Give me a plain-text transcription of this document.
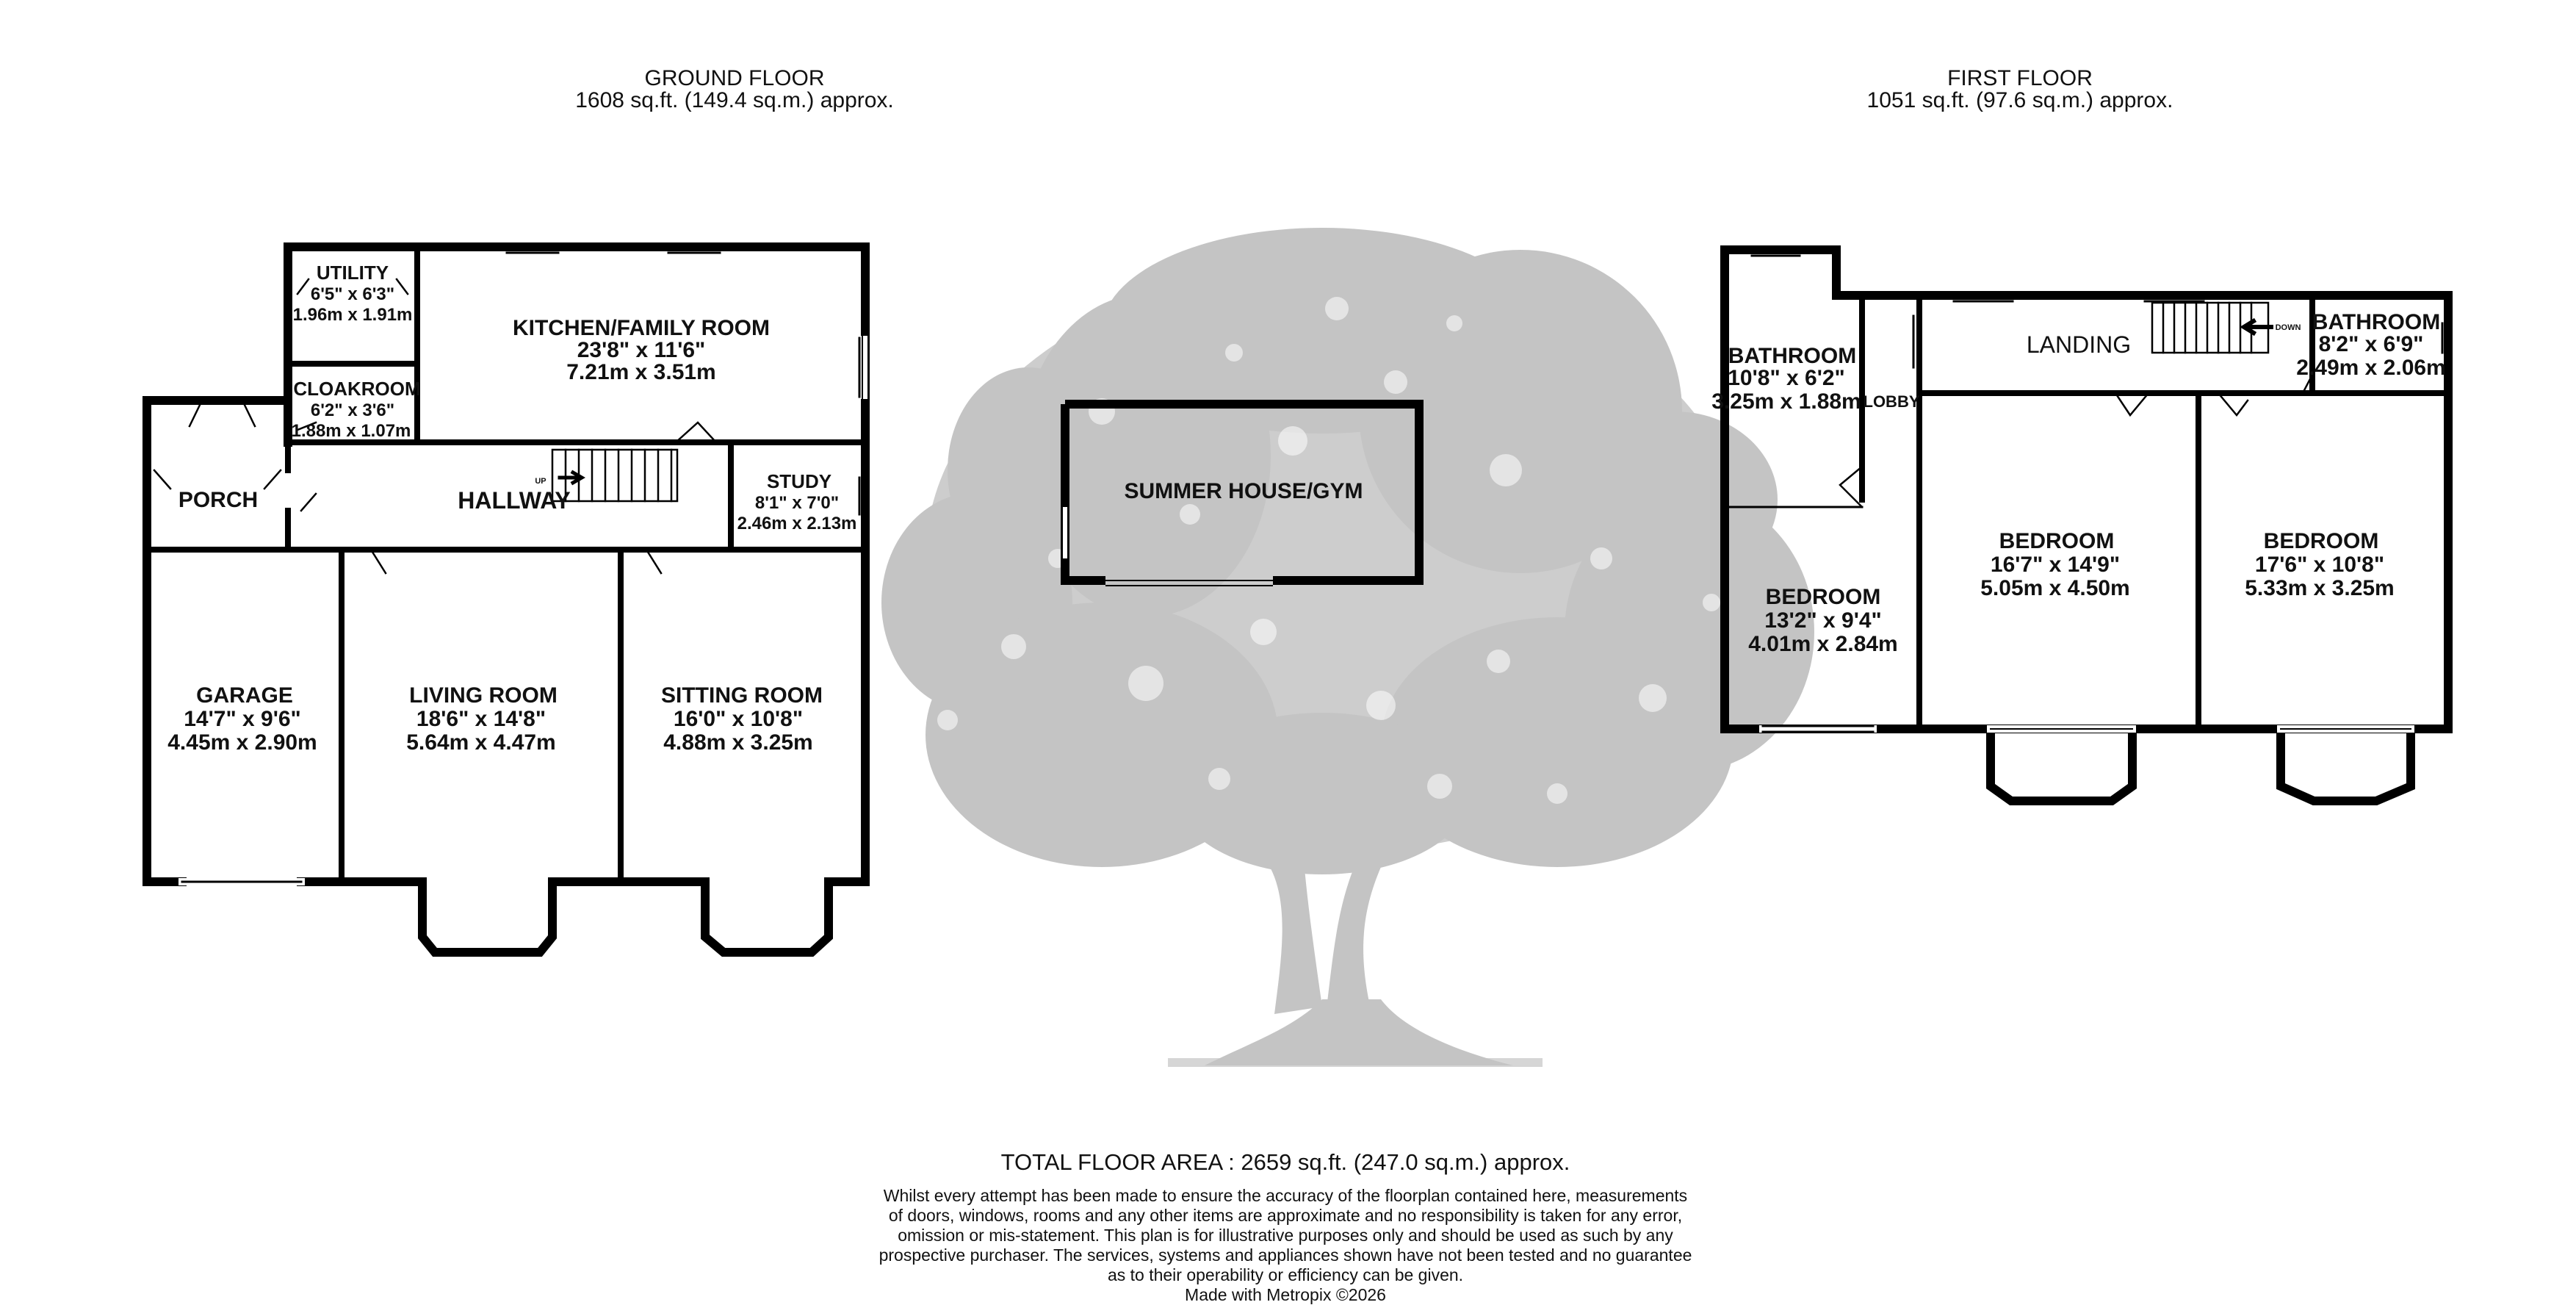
GROUND FLOOR
1608 sq.ft. (149.4 sq.m.) approx.
FIRST FLOOR
1051 sq.ft. (97.6 sq.m.) approx.
UTILITY
6'5" x 6'3"
1.96m x 1.91m
KITCHEN/FAMILY ROOM
23'8" x 11'6"
7.21m x 3.51m
CLOAKROOM
6'2" x 3'6"
1.88m x 1.07m
PORCH	HALLWAY
UP	STUDY
8'1" x 7'0"
2.46m x 2.13m
GARAGE
14'7" x 9'6"
4.45m x 2.90m
LIVING ROOM
18'6" x 14'8"
5.64m x 4.47m
SITTING ROOM
16'0" x 10'8"
4.88m x 3.25m
SUMMER HOUSE/GYM
BATHROOM
10'8" x 6'2"
3.25m x 1.88m LOBBY
LANDING
DOWN BATHROOM
8'2" x 6'9"
2.49m x 2.06m
BEDROOM
13'2" x 9'4"
4.01m x 2.84m
BEDROOM
16'7" x 14'9"
5.05m x 4.50m
BEDROOM
17'6" x 10'8"
5.33m x 3.25m
TOTAL FLOOR AREA : 2659 sq.ft. (247.0 sq.m.) approx.
Whilst every attempt has been made to ensure the accuracy of the floorplan contained here, measurements
of doors, windows, rooms and any other items are approximate and no responsibility is taken for any error,
omission or mis-statement. This plan is for illustrative purposes only and should be used as such by any
prospective purchaser. The services, systems and appliances shown have not been tested and no guarantee
as to their operability or efficiency can be given.
Made with Metropix ©2026
